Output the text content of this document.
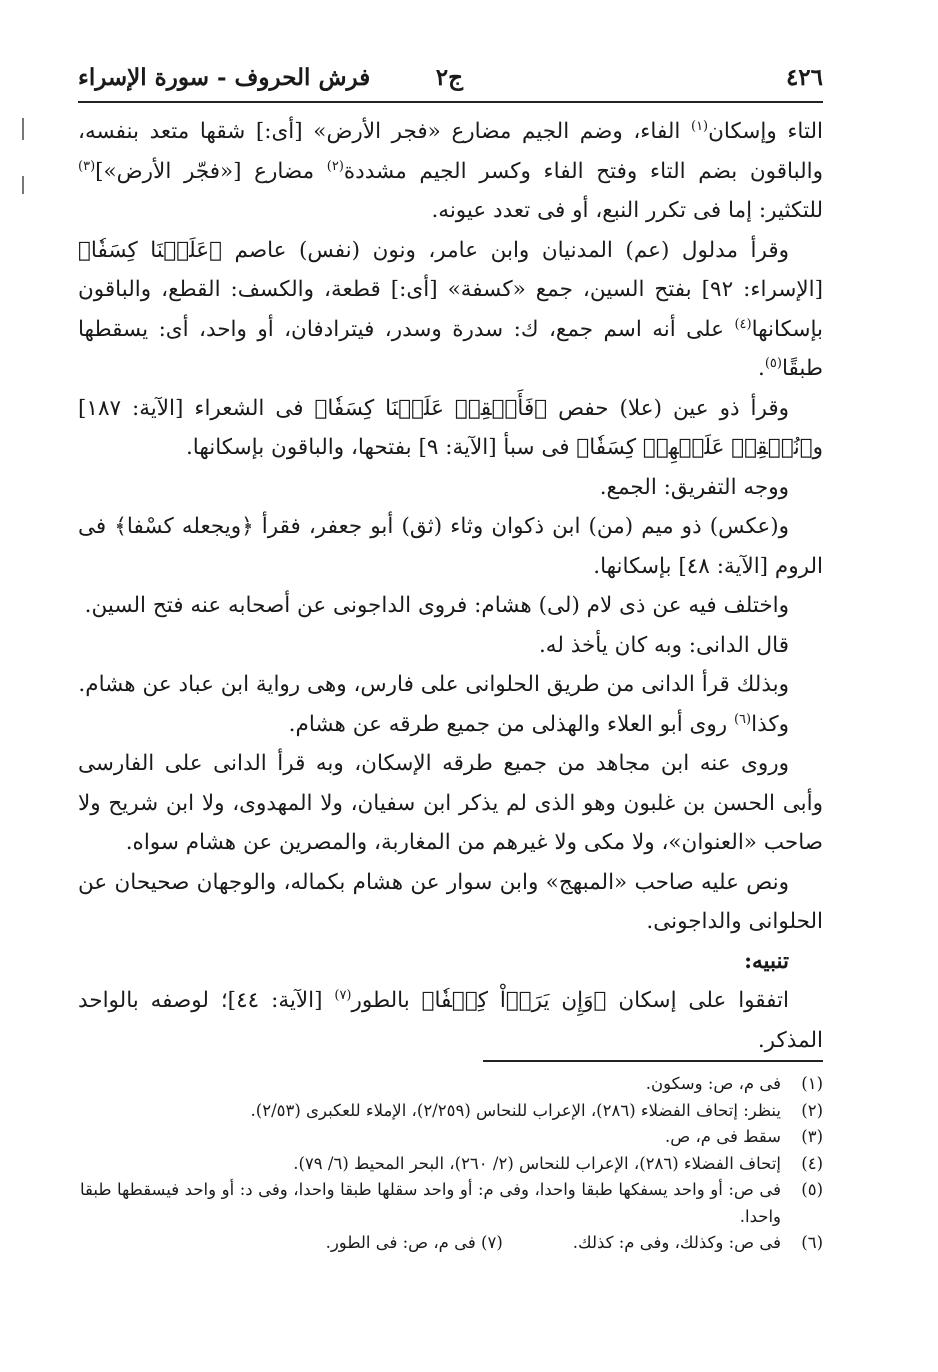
٤٢٦
ج٢
فرش الحروف - سورة الإسراء

التاء وإسكان$^{(١)}$ الفاء، وضم الجيم مضارع «فجر الأرض» [أى:] شقها متعد بنفسه، والباقون بضم التاء وفتح الفاء وكسر الجيم مشددة$^{(٢)}$ مضارع [«فجّر الأرض»]$^{(٣)}$ للتكثير: إما فى تكرر النبع، أو فى تعدد عيونه.

وقرأ مدلول (عم) المدنيان وابن عامر، ونون (نفس) عاصم ﴿عَلَيۡنَا كِسَفٗا﴾ [الإسراء: ٩٢] بفتح السين، جمع «كسفة» [أى:] قطعة، والكسف: القطع، والباقون بإسكانها$^{(٤)}$ على أنه اسم جمع، ك: سدرة وسدر، فيترادفان، أو واحد، أى: يسقطها طبقًا$^{(٥)}$.

وقرأ ذو عين (علا) حفص ﴿فَأَسۡقِطۡ عَلَيۡنَا كِسَفٗا﴾ فى الشعراء [الآية: ١٨٧] و﴿نُسۡقِطۡ عَلَيۡهِمۡ كِسَفٗا﴾ فى سبأ [الآية: ٩] بفتحها، والباقون بإسكانها.

ووجه التفريق: الجمع.

و(عكس) ذو ميم (من) ابن ذكوان وثاء (ثق) أبو جعفر، فقرأ ﴿ويجعله كسْفا﴾ فى الروم [الآية: ٤٨] بإسكانها.

واختلف فيه عن ذى لام (لى) هشام: فروى الداجونى عن أصحابه عنه فتح السين.

قال الدانى: وبه كان يأخذ له.

وبذلك قرأ الدانى من طريق الحلوانى على فارس، وهى رواية ابن عباد عن هشام.

وكذا$^{(٦)}$ روى أبو العلاء والهذلى من جميع طرقه عن هشام.

وروى عنه ابن مجاهد من جميع طرقه الإسكان، وبه قرأ الدانى على الفارسى وأبى الحسن بن غلبون وهو الذى لم يذكر ابن سفيان، ولا المهدوى، ولا ابن شريح ولا صاحب «العنوان»، ولا مكى ولا غيرهم من المغاربة، والمصرين عن هشام سواه.

ونص عليه صاحب «المبهج» وابن سوار عن هشام بكماله، والوجهان صحيحان عن الحلوانى والداجونى.

تنبيه:

اتفقوا على إسكان ﴿وَإِن يَرَوۡاْ كِسۡفٗا﴾ بالطور$^{(٧)}$ [الآية: ٤٤]؛ لوصفه بالواحد المذكر.

(١)
فى م، ص: وسكون.
(٢)
ينظر: إتحاف الفضلاء (٢٨٦)، الإعراب للنحاس (٢/٢٥٩)، الإملاء للعكبرى (٢/٥٣).
(٣)
سقط فى م، ص.
(٤)
إتحاف الفضلاء (٢٨٦)، الإعراب للنحاس (٢/ ٢٦٠)، البحر المحيط (٦/ ٧٩).
(٥)
فى ص: أو واحد يسفكها طبقا واحدا، وفى م: أو واحد سقلها طبقا واحدا، وفى د: أو واحد فيسقطها طبقا واحدا.
(٦)
فى ص: وكذلك، وفى م: كذلك.(٧) فى م، ص: فى الطور.
